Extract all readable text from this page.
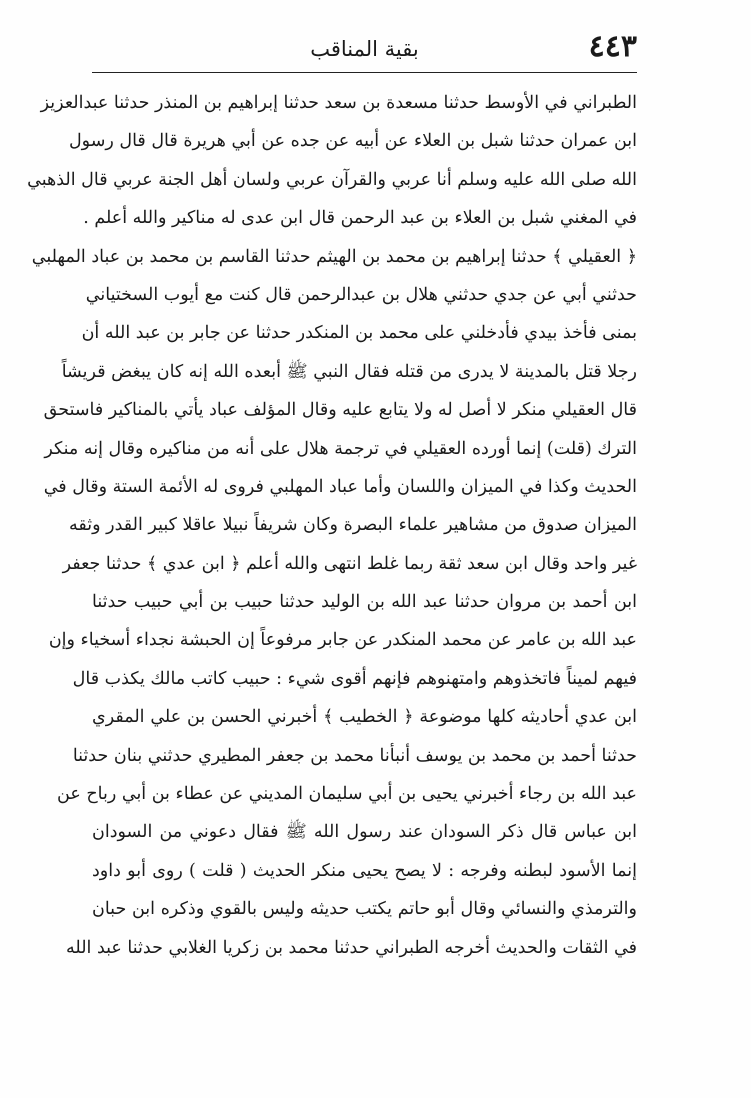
٤٤٣
بقية المناقب
الطبراني في الأوسط حدثنا مسعدة بن سعد حدثنا إبراهيم بن المنذر حدثنا عبدالعزيز
ابن عمران حدثنا شبل بن العلاء عن أبيه عن جده عن أبي هريرة قال قال رسول
الله صلى الله عليه وسلم أنا عربي والقرآن عربي ولسان أهل الجنة عربي قال الذهبي
في المغني شبل بن العلاء بن عبد الرحمن قال ابن عدى له مناكير والله أعلم .
﴿ العقيلي ﴾ حدثنا إبراهيم بن محمد بن الهيثم حدثنا القاسم بن محمد بن عباد المهلبي
حدثني أبي عن جدي حدثني هلال بن عبدالرحمن قال كنت مع أيوب السختياني
بمنى فأخذ بيدي فأدخلني على محمد بن المنكدر حدثنا عن جابر بن عبد الله أن
رجلا قتل بالمدينة لا يدرى من قتله فقال النبي ﷺ أبعده الله إنه كان يبغض قريشاً
قال العقيلي منكر لا أصل له ولا يتابع عليه وقال المؤلف عباد يأتي بالمناكير فاستحق
الترك (قلت) إنما أورده العقيلي في ترجمة هلال على أنه من مناكيره وقال إنه منكر
الحديث وكذا في الميزان واللسان وأما عباد المهلبي فروى له الأئمة الستة وقال في
الميزان صدوق من مشاهير علماء البصرة وكان شريفاً نبيلا عاقلا كبير القدر وثقه
غير واحد وقال ابن سعد ثقة ربما غلط انتهى والله أعلم ﴿ ابن عدي ﴾ حدثنا جعفر
ابن أحمد بن مروان حدثنا عبد الله بن الوليد حدثنا حبيب بن أبي حبيب حدثنا
عبد الله بن عامر عن محمد المنكدر عن جابر مرفوعاً إن الحبشة نجداء أسخياء وإن
فيهم لميناً فاتخذوهم وامتهنوهم فإنهم أقوى شيء : حبيب كاتب مالك يكذب قال
ابن عدي أحاديثه كلها موضوعة ﴿ الخطيب ﴾ أخبرني الحسن بن علي المقري
حدثنا أحمد بن محمد بن يوسف أنبأنا محمد بن جعفر المطيري حدثني بنان حدثنا
عبد الله بن رجاء أخبرني يحيى بن أبي سليمان المديني عن عطاء بن أبي رباح عن
ابن عباس قال ذكر السودان عند رسول الله ﷺ فقال دعوني من السودان
إنما الأسود لبطنه وفرجه : لا يصح يحيى منكر الحديث ( قلت ) روى أبو داود
والترمذي والنسائي وقال أبو حاتم يكتب حديثه وليس بالقوي وذكره ابن حبان
في الثقات والحديث أخرجه الطبراني حدثنا محمد بن زكريا الغلابي حدثنا عبد الله
